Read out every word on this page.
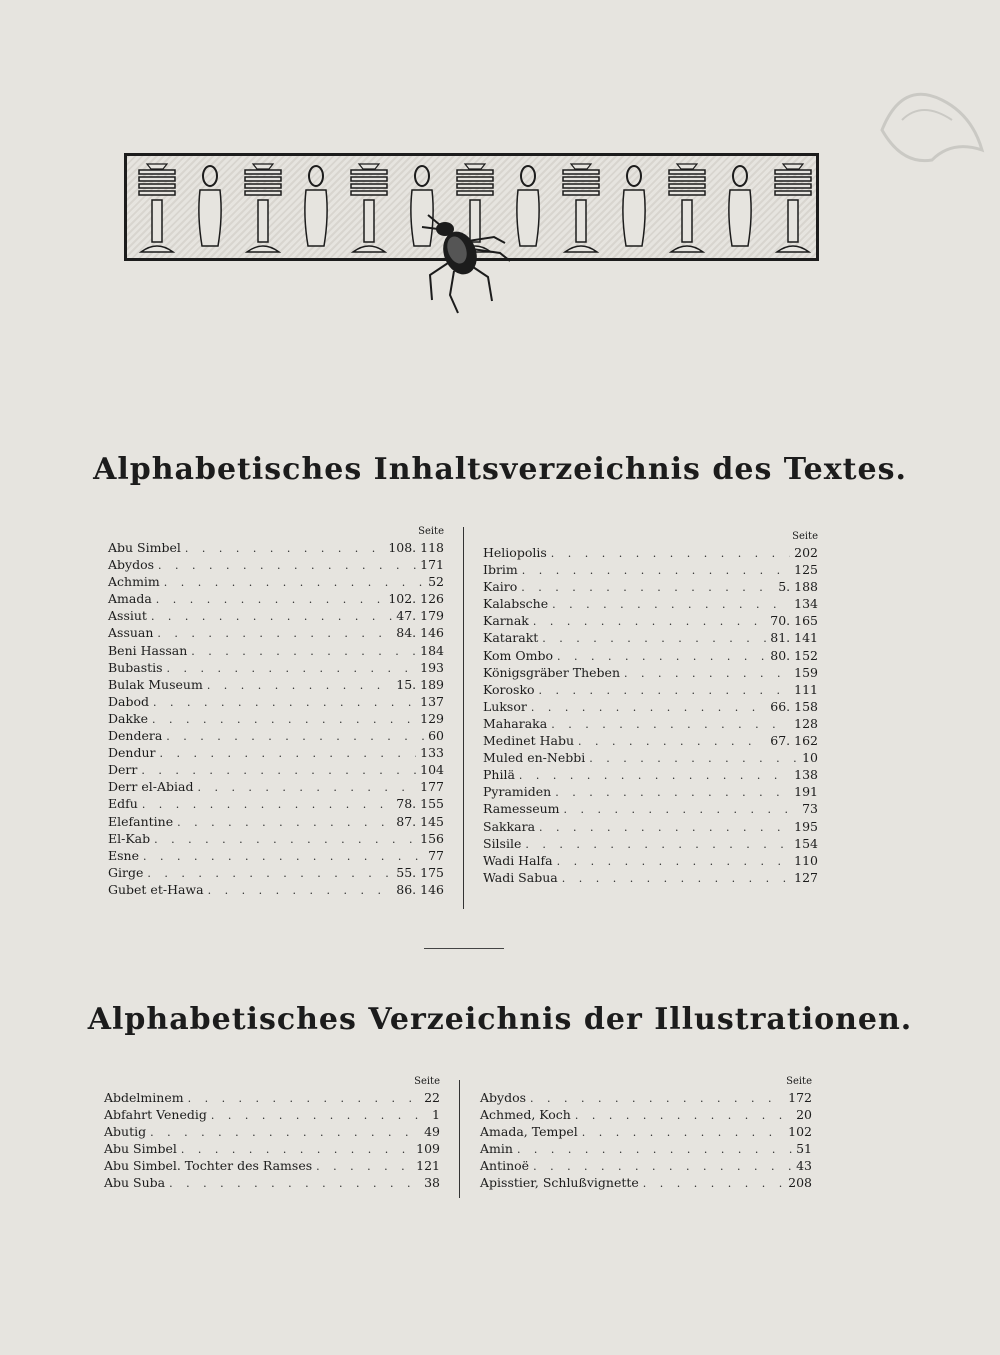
Alphabetisches Inhaltsverzeichnis des Textes.
Seite
Abu Simbel . . .	108. 118
Abydos . . .	171
Achmim . . .	52
Amada . . .	102. 126
Assiut . . .	47. 179
Assuan . . .	84. 146
Beni Hassan . . .	184
Bubastis . . .	193
Bulak Museum . . .	15. 189
Dabod . . .	137
Dakke . . .	129
Dendera . . .	60
Dendur . . .	133
Derr . . .	104
Derr el-Abiad . . .	177
Edfu . . .	78. 155
Elefantine . . .	87. 145
El-Kab . . .	156
Esne . . .	77
Girge . . .	55. 175
Gubet et-Hawa . . .	86. 146
Seite
Heliopolis . . .	202
Ibrim . . .	125
Kairo . . .	5. 188
Kalabsche . . .	134
Karnak . . .	70. 165
Katarakt . . .	81. 141
Kom Ombo . . .	80. 152
Königsgräber Theben . . .	159
Korosko . . .	111
Luksor . . .	66. 158
Maharaka . . .	128
Medinet Habu . . .	67. 162
Muled en-Nebbi . . .	10
Philä . . .	138
Pyramiden . . .	191
Ramesseum . . .	73
Sakkara . . .	195
Silsile . . .	154
Wadi Halfa . . .	110
Wadi Sabua . . .	127
Alphabetisches Verzeichnis der Illustrationen.
Seite
Abdelminem . . .	22
Abfahrt Venedig . . .	1
Abutig . . .	49
Abu Simbel . . .	109
Abu Simbel. Tochter des Ramses . . .	121
Abu Suba . . .	38
Seite
Abydos . . .	172
Achmed, Koch . . .	20
Amada, Tempel . . .	102
Amin . . .	51
Antinoë . . .	43
Apisstier, Schlußvignette . . .	208
